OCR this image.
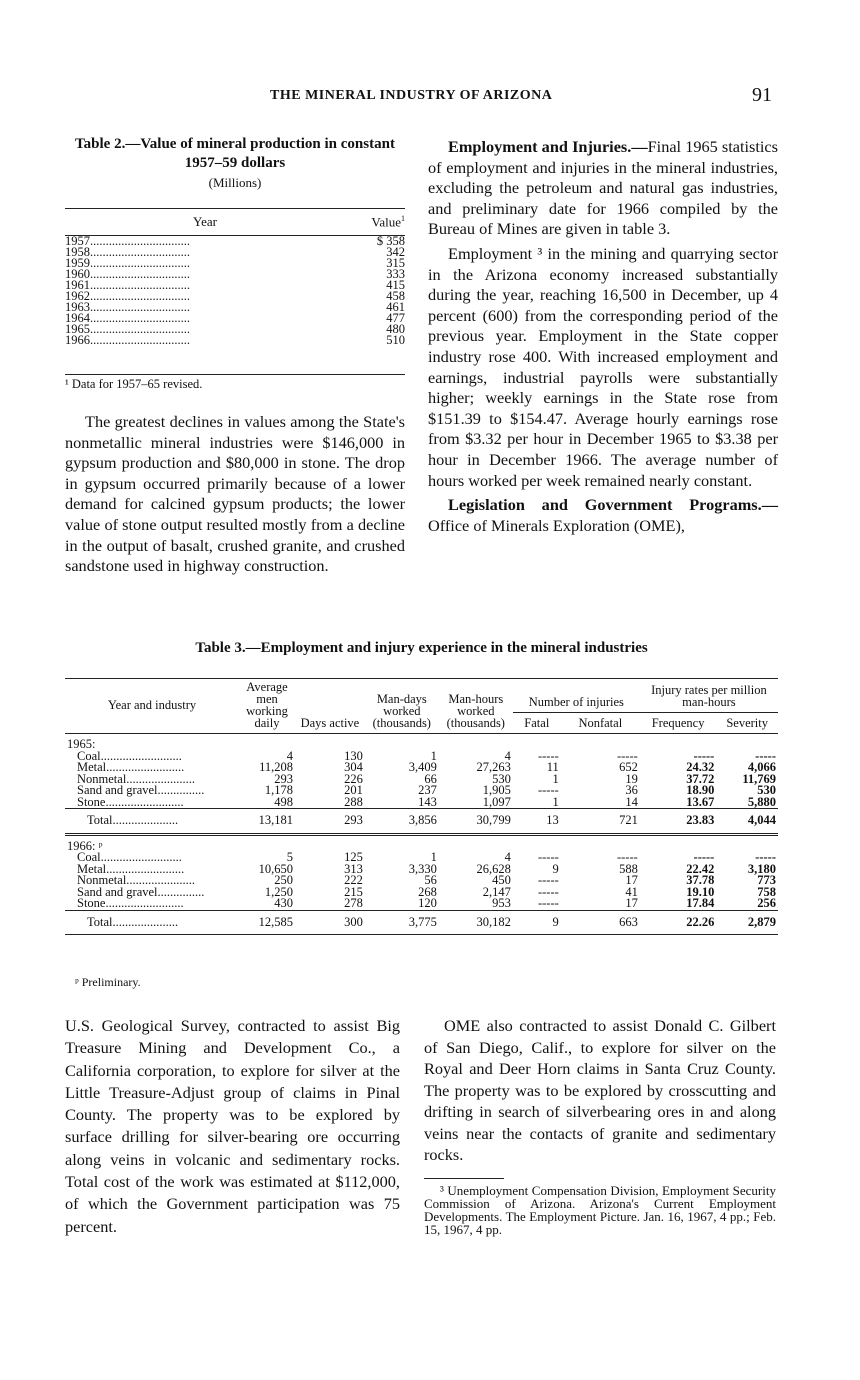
THE MINERAL INDUSTRY OF ARIZONA	91
Table 2.—Value of mineral production in constant 1957–59 dollars
(Millions)
Year	Value$^1$
1957................................	$ 358
1958................................	342
1959................................	315
1960................................	333
1961................................	415
1962................................	458
1963................................	461
1964................................	477
1965................................	480
1966................................	510
¹ Data for 1957–65 revised.

The greatest declines in values among the State's nonmetallic mineral industries were $146,000 in gypsum production and $80,000 in stone. The drop in gypsum occurred primarily because of a lower demand for calcined gypsum products; the lower value of stone output resulted mostly from a decline in the output of basalt, crushed granite, and crushed sandstone used in highway construction.

Employment and Injuries.—Final 1965 statistics of employment and injuries in the mineral industries, excluding the petroleum and natural gas industries, and preliminary date for 1966 compiled by the Bureau of Mines are given in table 3.

Employment ³ in the mining and quarrying sector in the Arizona economy increased substantially during the year, reaching 16,500 in December, up 4 percent (600) from the corresponding period of the previous year. Employment in the State copper industry rose 400. With increased employment and earnings, industrial payrolls were substantially higher; weekly earnings in the State rose from $151.39 to $154.47. Average hourly earnings rose from $3.32 per hour in December 1965 to $3.38 per hour in December 1966. The average number of hours worked per week remained nearly constant.

Legislation and Government Programs.— Office of Minerals Exploration (OME),

Table 3.—Employment and injury experience in the mineral industries
Year and industry	Average men working daily	Days active	Man-days worked (thousands)	Man-hours worked (thousands)	Number of injuries		Injury rates per million man-hours	
					Fatal	Nonfatal	Frequency	Severity
1965:								
Coal..........................	4	130	1	4	-----	-----	-----	-----
Metal.........................	11,208	304	3,409	27,263	11	652	24.32	4,066
Nonmetal......................	293	226	66	530	1	19	37.72	11,769
Sand and gravel...............	1,178	201	237	1,905	-----	36	18.90	530
Stone.........................	498	288	143	1,097	1	14	13.67	5,880
Total.....................	13,181	293	3,856	30,799	13	721	23.83	4,044
1966: ᵖ								
Coal..........................	5	125	1	4	-----	-----	-----	-----
Metal.........................	10,650	313	3,330	26,628	9	588	22.42	3,180
Nonmetal......................	250	222	56	450	-----	17	37.78	773
Sand and gravel...............	1,250	215	268	2,147	-----	41	19.10	758
Stone.........................	430	278	120	953	-----	17	17.84	256
Total.....................	12,585	300	3,775	30,182	9	663	22.26	2,879
ᵖ Preliminary.

U.S. Geological Survey, contracted to assist Big Treasure Mining and Development Co., a California corporation, to explore for silver at the Little Treasure-Adjust group of claims in Pinal County. The property was to be explored by surface drilling for silver-bearing ore occurring along veins in volcanic and sedimentary rocks. Total cost of the work was estimated at $112,000, of which the Government participation was 75 percent.

OME also contracted to assist Donald C. Gilbert of San Diego, Calif., to explore for silver on the Royal and Deer Horn claims in Santa Cruz County. The property was to be explored by crosscutting and drifting in search of silverbearing ores in and along veins near the contacts of granite and sedimentary rocks.

³ Unemployment Compensation Division, Employment Security Commission of Arizona. Arizona's Current Employment Developments. The Employment Picture. Jan. 16, 1967, 4 pp.; Feb. 15, 1967, 4 pp.
